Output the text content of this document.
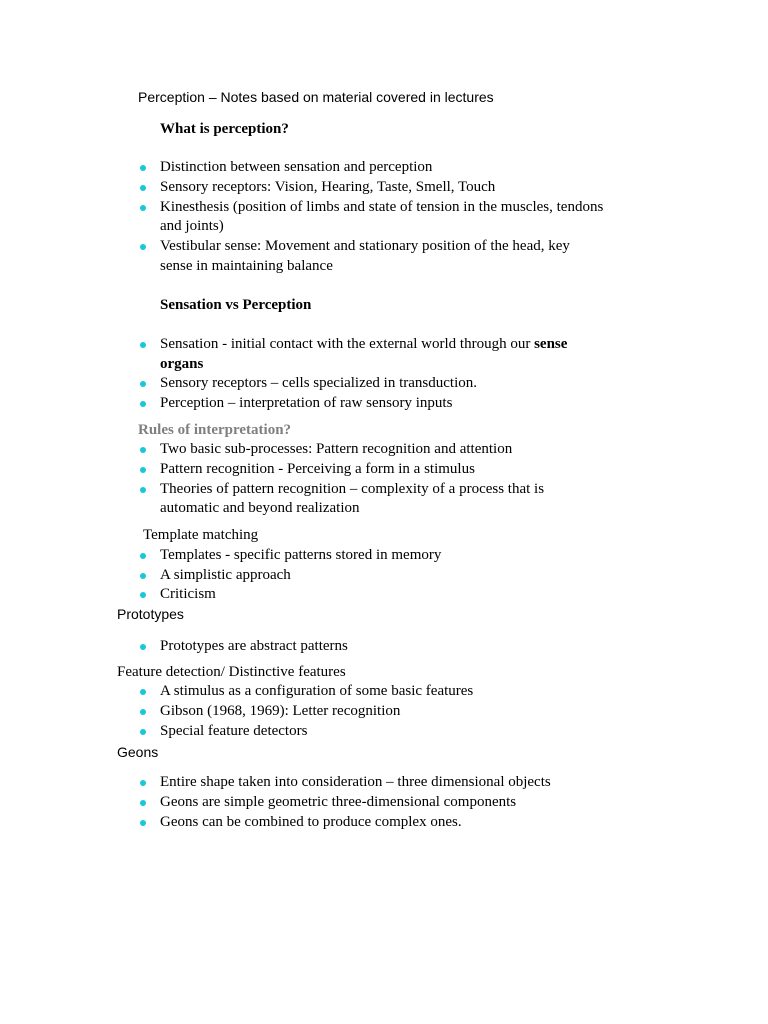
Perception – Notes based on material covered in lectures
What is perception?
Distinction between sensation and perception
Sensory receptors: Vision, Hearing, Taste, Smell, Touch
Kinesthesis (position of limbs and state of tension in the muscles, tendons
and joints)
Vestibular sense: Movement and stationary position of the head, key
sense in maintaining balance
Sensation vs Perception
Sensation - initial contact with the external world through our sense
organs
Sensory receptors – cells specialized in transduction.
Perception – interpretation of raw sensory inputs
Rules of interpretation?
Two basic sub-processes: Pattern recognition and attention
Pattern recognition - Perceiving a form in a stimulus
Theories of pattern recognition – complexity of a process that is
automatic and beyond realization
Template matching
Templates - specific patterns stored in memory
A simplistic approach
Criticism
Prototypes
Prototypes are abstract patterns
Feature detection/ Distinctive features
A stimulus as a configuration of some basic features
Gibson (1968, 1969): Letter recognition
Special feature detectors
Geons
Entire shape taken into consideration – three dimensional objects
Geons are simple geometric three-dimensional components
Geons can be combined to produce complex ones.
